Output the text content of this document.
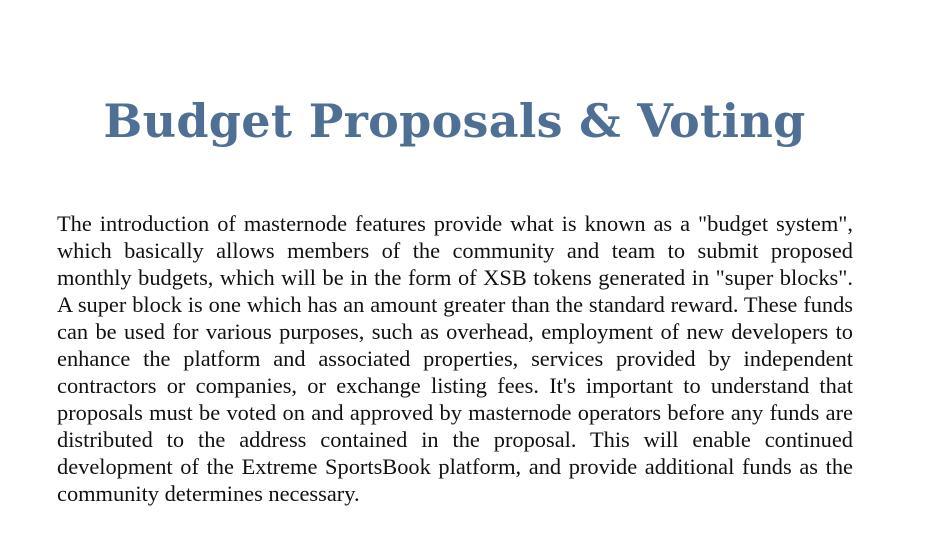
Budget Proposals & Voting

The introduction of masternode features provide what is known as a "budget system", which basically allows members of the community and team to submit proposed monthly budgets, which will be in the form of XSB tokens generated in "super blocks". A super block is one which has an amount greater than the standard reward. These funds can be used for various purposes, such as overhead, employment of new developers to enhance the platform and associated properties, services provided by independent contractors or companies, or exchange listing fees. It's important to understand that proposals must be voted on and approved by masternode operators before any funds are distributed to the address contained in the proposal. This will enable continued development of the Extreme SportsBook platform, and provide additional funds as the community determines necessary.
